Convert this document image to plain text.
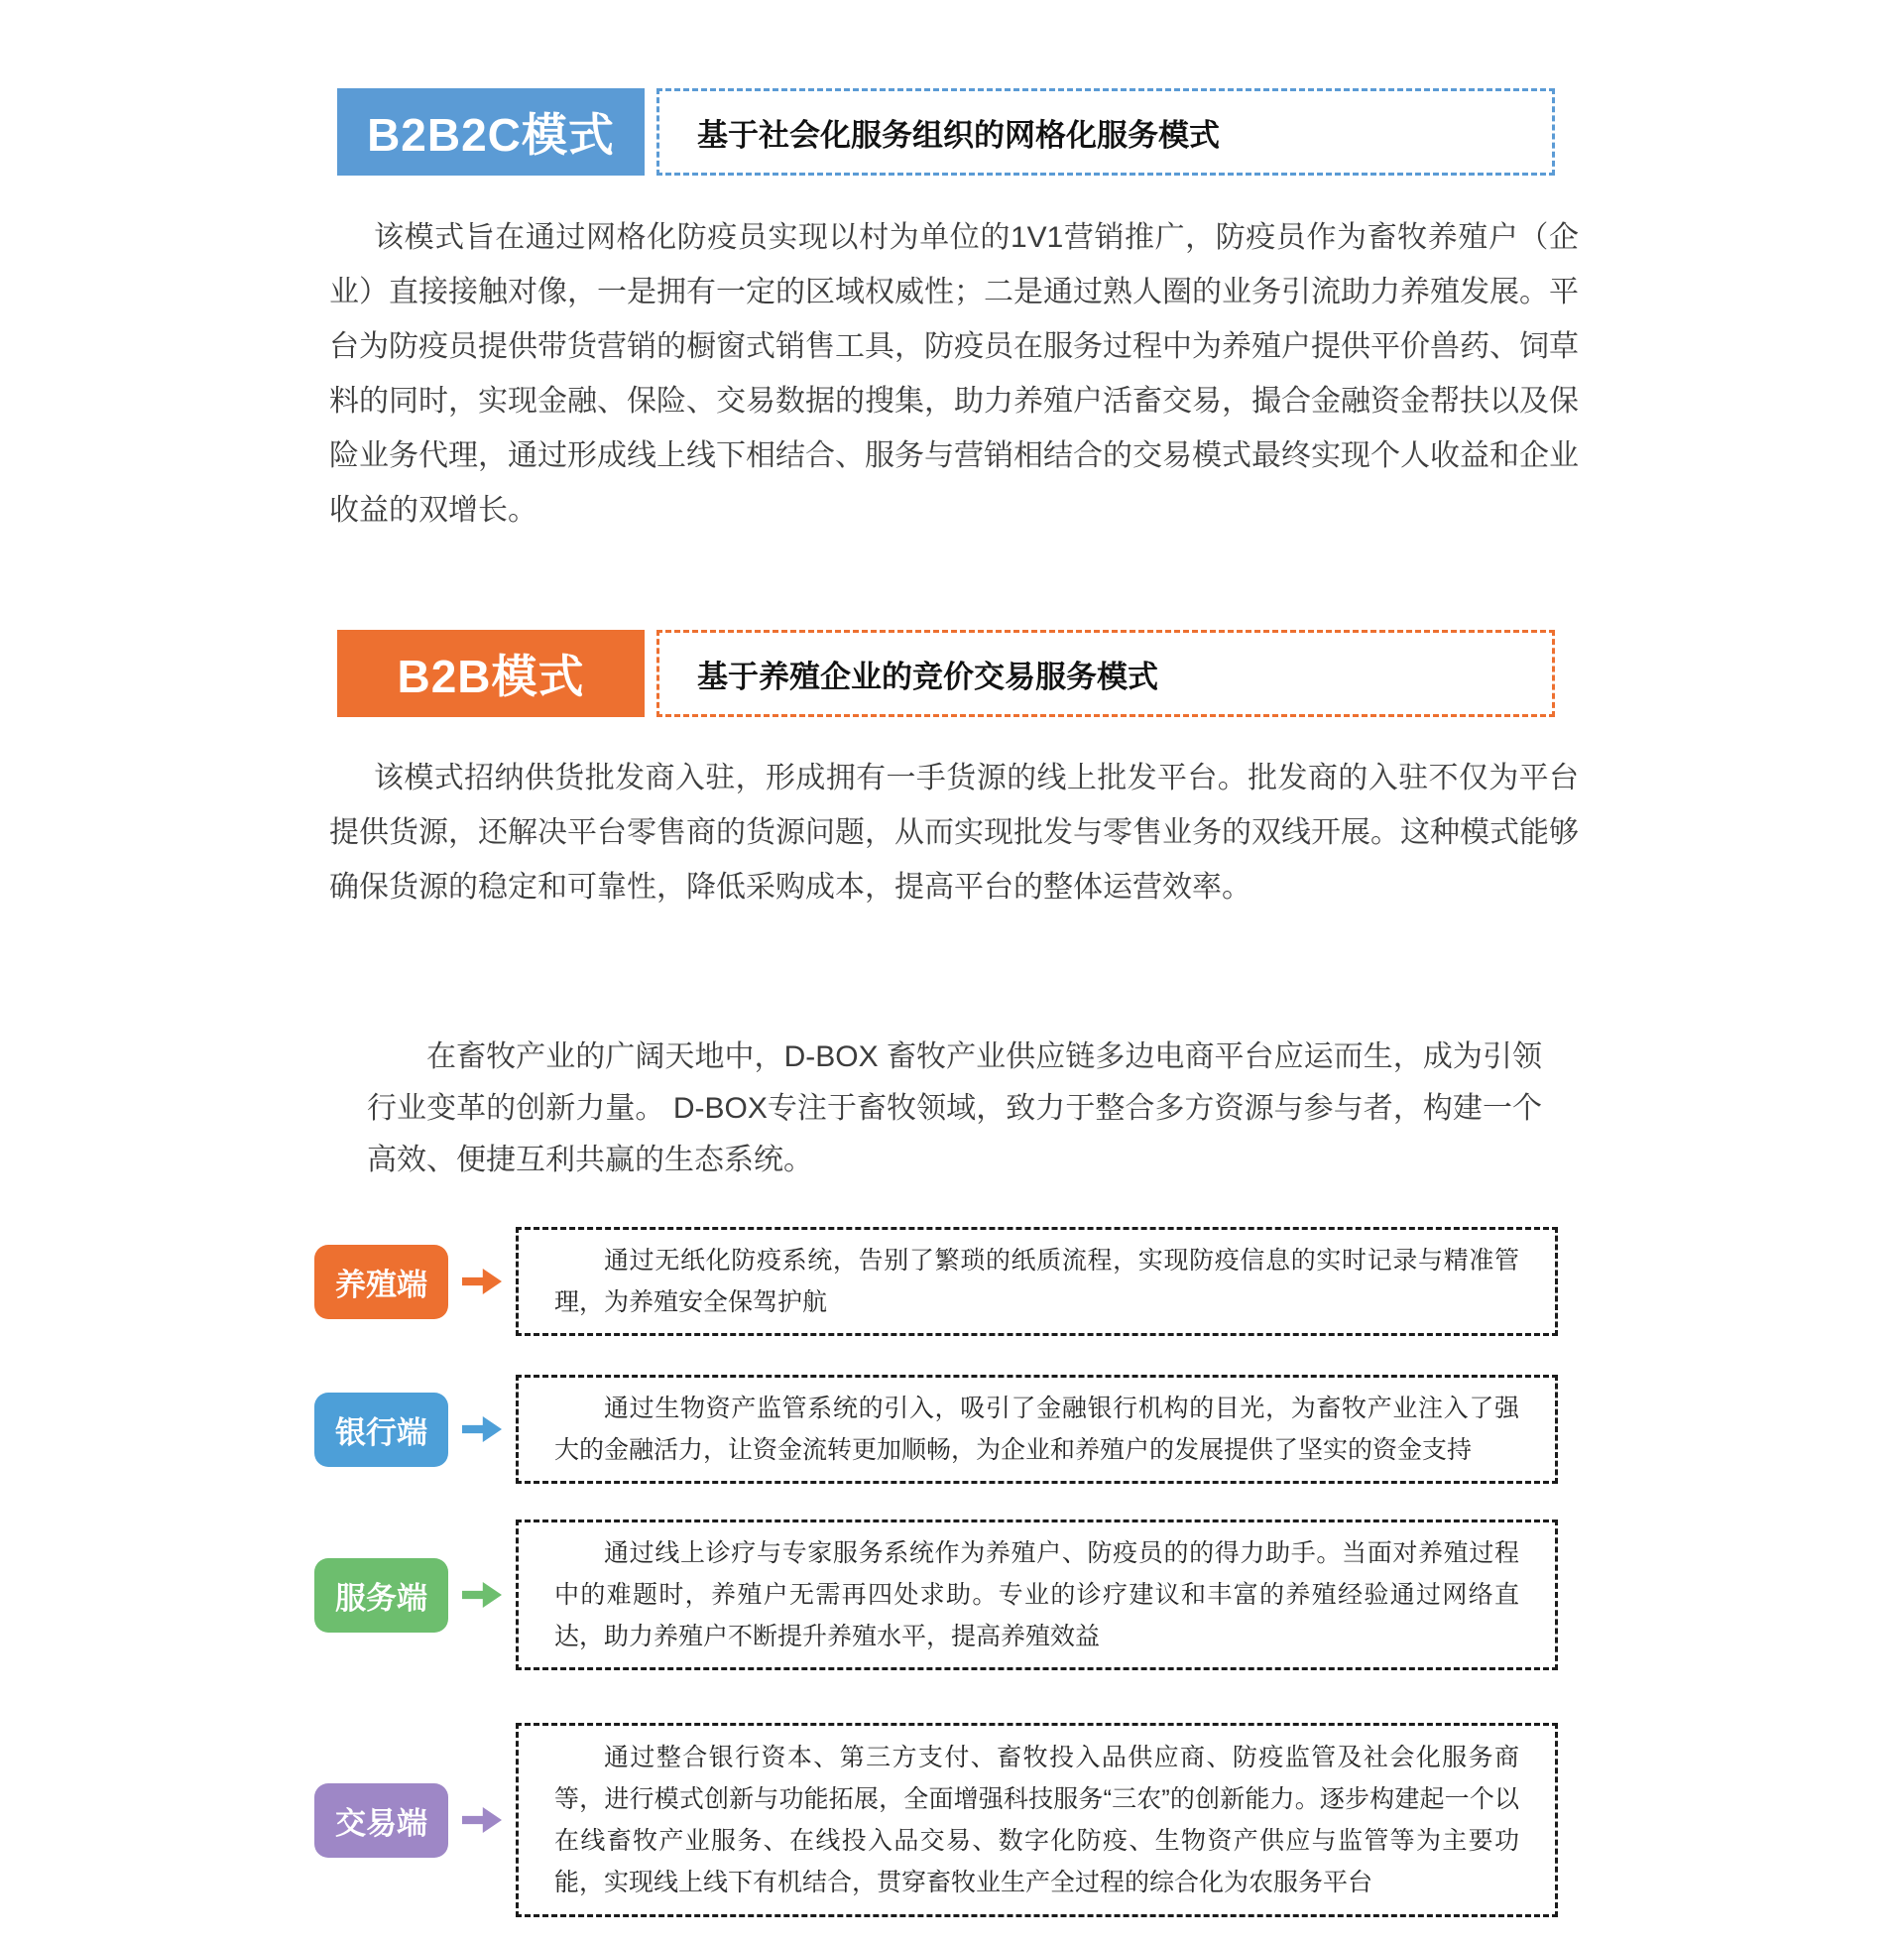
B2B2C模式	基于社会化服务组织的网格化服务模式

该模式旨在通过网格化防疫员实现以村为单位的1V1营销推广，防疫员作为畜牧养殖户（企业）直接接触对像，一是拥有一定的区域权威性；二是通过熟人圈的业务引流助力养殖发展。平台为防疫员提供带货营销的橱窗式销售工具，防疫员在服务过程中为养殖户提供平价兽药、饲草料的同时，实现金融、保险、交易数据的搜集，助力养殖户活畜交易，撮合金融资金帮扶以及保险业务代理，通过形成线上线下相结合、服务与营销相结合的交易模式最终实现个人收益和企业收益的双增长。

B2B模式	基于养殖企业的竞价交易服务模式

该模式招纳供货批发商入驻，形成拥有一手货源的线上批发平台。批发商的入驻不仅为平台提供货源，还解决平台零售商的货源问题，从而实现批发与零售业务的双线开展。这种模式能够确保货源的稳定和可靠性，降低采购成本，提高平台的整体运营效率。

在畜牧产业的广阔天地中，D-BOX 畜牧产业供应链多边电商平台应运而生，成为引领行业变革的创新力量。 D-BOX专注于畜牧领域，致力于整合多方资源与参与者，构建一个高效、便捷互利共赢的生态系统。

养殖端

通过无纸化防疫系统，告别了繁琐的纸质流程，实现防疫信息的实时记录与精准管理，为养殖安全保驾护航

银行端

通过生物资产监管系统的引入，吸引了金融银行机构的目光，为畜牧产业注入了强大的金融活力，让资金流转更加顺畅，为企业和养殖户的发展提供了坚实的资金支持

服务端

通过线上诊疗与专家服务系统作为养殖户、防疫员的的得力助手。当面对养殖过程中的难题时，养殖户无需再四处求助。专业的诊疗建议和丰富的养殖经验通过网络直达，助力养殖户不断提升养殖水平，提高养殖效益

交易端

通过整合银行资本、第三方支付、畜牧投入品供应商、防疫监管及社会化服务商等，进行模式创新与功能拓展，全面增强科技服务“三农”的创新能力。逐步构建起一个以在线畜牧产业服务、在线投入品交易、数字化防疫、生物资产供应与监管等为主要功能，实现线上线下有机结合，贯穿畜牧业生产全过程的综合化为农服务平台
